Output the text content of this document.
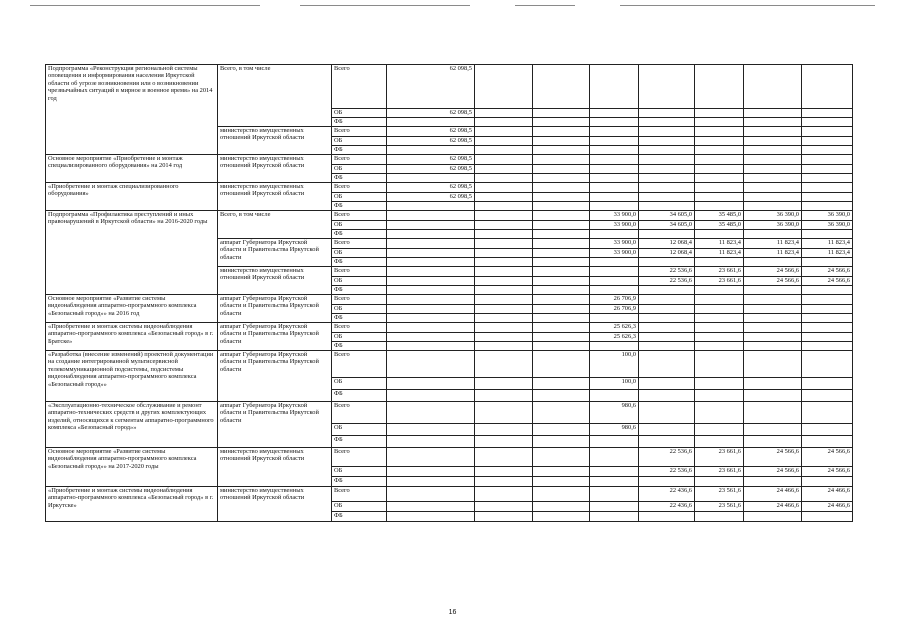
Подпрограмма «Реконструкция региональной системы оповещения и информирования населения Иркутской области об угрозе возникновения или о возникновении чрезвычайных ситуаций в мирное и военное время» на 2014 год	Всего, в том числе	Всего	62 098,5							
		ОБ	62 098,5							
		ФБ								
	министерство имущественных отношений Иркутской области	Всего	62 098,5							
		ОБ	62 098,5							
		ФБ								
Основное мероприятие «Приобретение и монтаж специализированного оборудования» на 2014 год	министерство имущественных отношений Иркутской области	Всего	62 098,5							
		ОБ	62 098,5							
		ФБ								
«Приобретение и монтаж специализированного оборудования»	министерство имущественных отношений Иркутской области	Всего	62 098,5							
		ОБ	62 098,5							
		ФБ								
Подпрограмма «Профилактика преступлений и иных правонарушений в Иркутской области» на 2016-2020 годы	Всего, в том числе	Всего				33 900,0	34 605,0	35 485,0	36 390,0	36 390,0
		ОБ				33 900,0	34 605,0	35 485,0	36 390,0	36 390,0
		ФБ								
	аппарат Губернатора Иркутской области и Правительства Иркутской области	Всего				33 900,0	12 068,4	11 823,4	11 823,4	11 823,4
		ОБ				33 900,0	12 068,4	11 823,4	11 823,4	11 823,4
		ФБ								
	министерство имущественных отношений Иркутской области	Всего					22 536,6	23 661,6	24 566,6	24 566,6
		ОБ					22 536,6	23 661,6	24 566,6	24 566,6
		ФБ								
Основное мероприятие «Развитие системы видеонаблюдения аппаратно-программного комплекса «Безопасный город»» на 2016 год	аппарат Губернатора Иркутской области и Правительства Иркутской области	Всего				26 706,9				
		ОБ				26 706,9				
		ФБ								
«Приобретение и монтаж системы видеонаблюдения аппаратно-программного комплекса «Безопасный город» в г. Братске»	аппарат Губернатора Иркутской области и Правительства Иркутской области	Всего				25 626,3				
		ОБ				25 626,3				
		ФБ								
«Разработка (внесение изменений) проектной документации на создание интегрированной мультисервисной телекоммуникационной подсистемы, подсистемы видеонаблюдения аппаратно-программного комплекса «Безопасный город»»	аппарат Губернатора Иркутской области и Правительства Иркутской области	Всего				100,0				
		ОБ				100,0				
		ФБ								
«Эксплуатационно-техническое обслуживание и ремонт аппаратно-технических средств и других комплектующих изделий, относящихся к сегментам аппаратно-программного комплекса «Безопасный город»»	аппарат Губернатора Иркутской области и Правительства Иркутской области	Всего				980,6				
		ОБ				980,6				
		ФБ								
Основное мероприятие «Развитие системы видеонаблюдения аппаратно-программного комплекса «Безопасный город»» на 2017-2020 годы	министерство имущественных отношений Иркутской области	Всего					22 536,6	23 661,6	24 566,6	24 566,6
		ОБ					22 536,6	23 661,6	24 566,6	24 566,6
		ФБ								
«Приобретение и монтаж системы видеонаблюдения аппаратно-программного комплекса «Безопасный город» в г. Иркутске»	министерство имущественных отношений Иркутской области	Всего					22 436,6	23 561,6	24 466,6	24 466,6
		ОБ					22 436,6	23 561,6	24 466,6	24 466,6
		ФБ								
16
